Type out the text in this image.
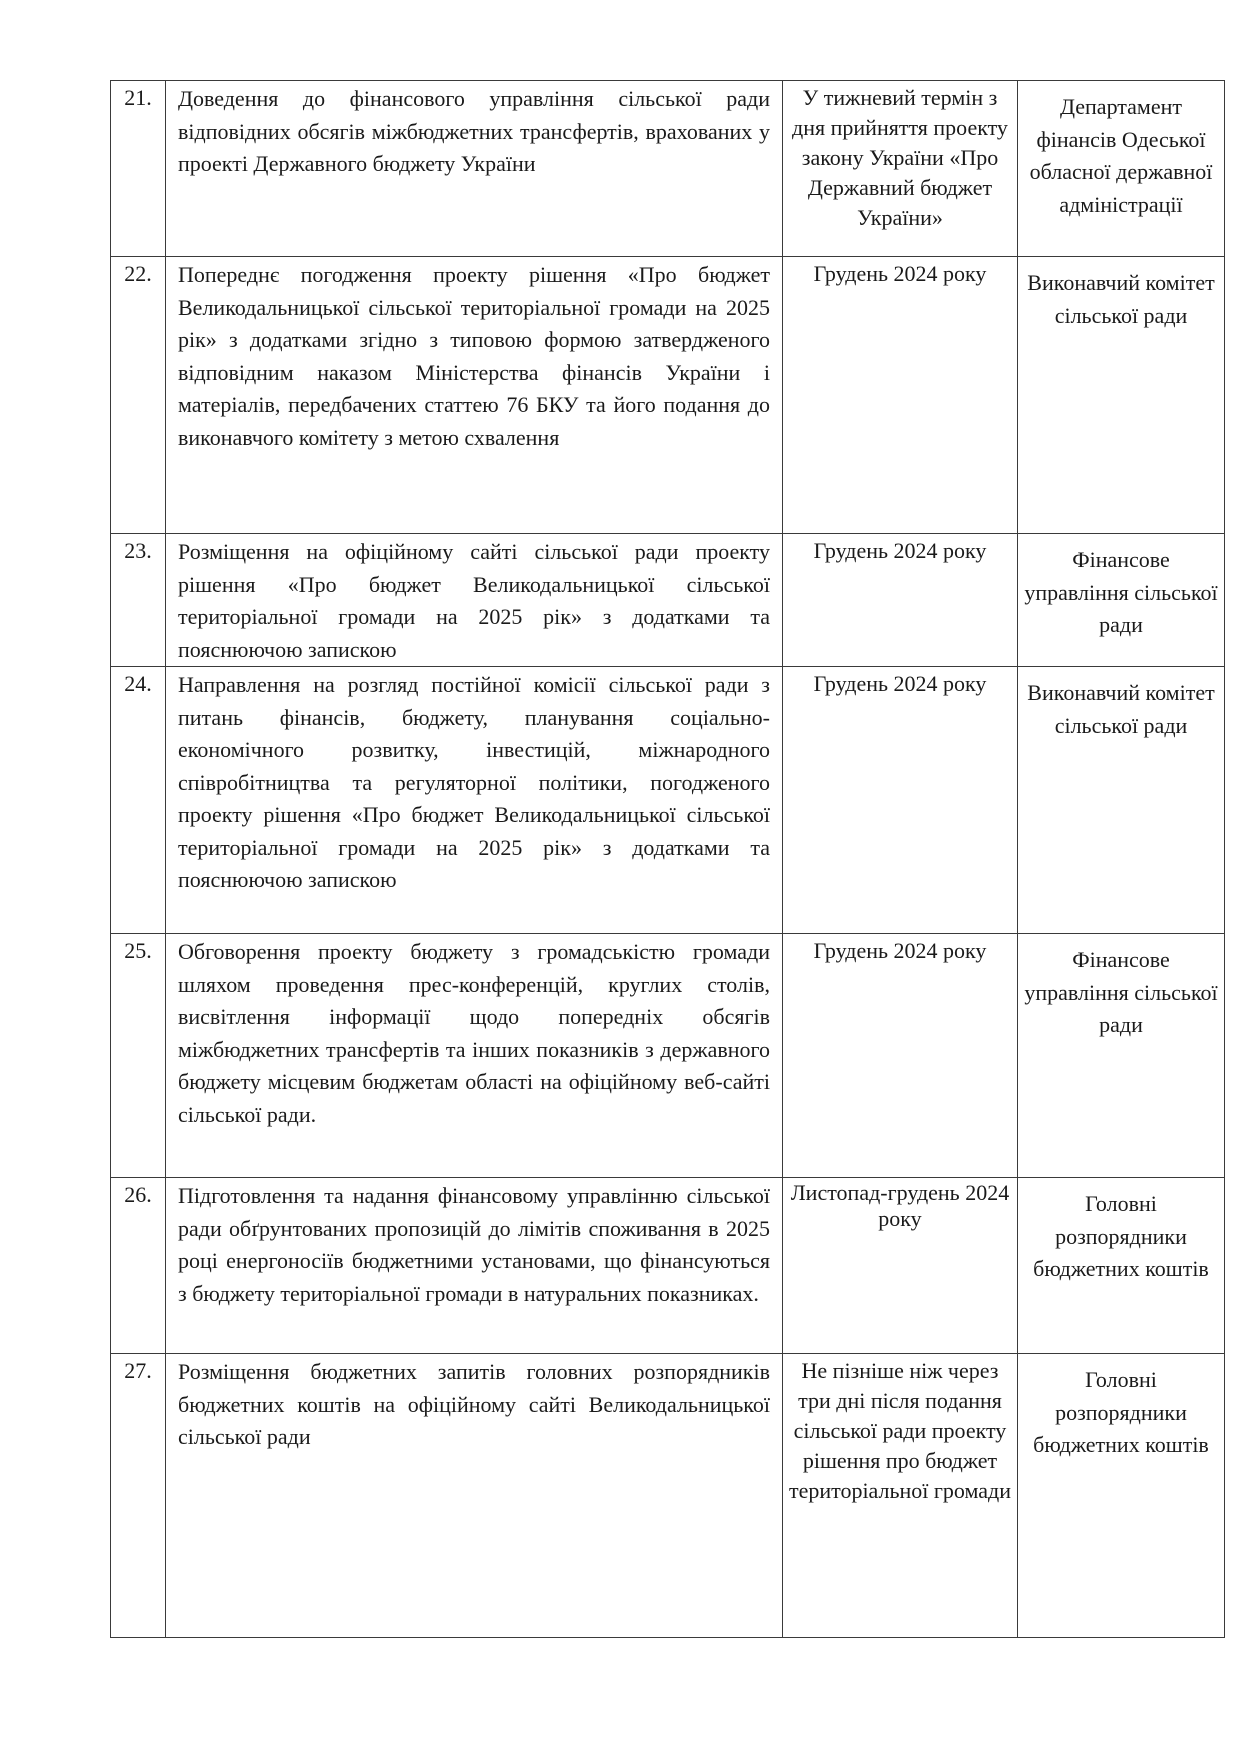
21.	Доведення до фінансового управління сільської ради відповідних обсягів міжбюджетних трансфертів, врахованих у проекті Державного бюджету України	У тижневий термін з дня прийняття проекту закону України «Про Державний бюджет України»	Департамент фінансів Одеської обласної державної адміністрації
22.	Попереднє погодження проекту рішення «Про бюджет Великодальницької сільської територіальної громади на 2025 рік» з додатками згідно з типовою формою затвердженого відповідним наказом Міністерства фінансів України і матеріалів, передбачених статтею 76 БКУ та його подання до виконавчого комітету з метою схвалення	Грудень 2024 року	Виконавчий комітет сільської ради
23.	Розміщення на офіційному сайті сільської ради проекту рішення «Про бюджет Великодальницької сільської територіальної громади на 2025 рік» з додатками та пояснюючою запискою	Грудень 2024 року	Фінансове управління сільської ради
24.	Направлення на розгляд постійної комісії сільської ради з питань фінансів, бюджету, планування соціально-економічного розвитку, інвестицій, міжнародного співробітництва та регуляторної політики, погодженого проекту рішення «Про бюджет Великодальницької сільської територіальної громади на 2025 рік» з додатками та пояснюючою запискою	Грудень 2024 року	Виконавчий комітет сільської ради
25.	Обговорення проекту бюджету з громадськістю громади шляхом проведення прес-конференцій, круглих столів, висвітлення інформації щодо попередніх обсягів міжбюджетних трансфертів та інших показників з державного бюджету місцевим бюджетам області на офіційному веб-сайті сільської ради.	Грудень 2024 року	Фінансове управління сільської ради
26.	Підготовлення та надання фінансовому управлінню сільської ради обґрунтованих пропозицій до лімітів споживання в 2025 році енергоносіїв бюджетними установами, що фінансуються з бюджету територіальної громади в натуральних показниках.	Листопад-грудень 2024 року	Головні розпорядники бюджетних коштів
27.	Розміщення бюджетних запитів головних розпорядників бюджетних коштів на офіційному сайті Великодальницької сільської ради	Не пізніше ніж через три дні після подання сільської ради проекту рішення про бюджет територіальної громади	Головні розпорядники бюджетних коштів
